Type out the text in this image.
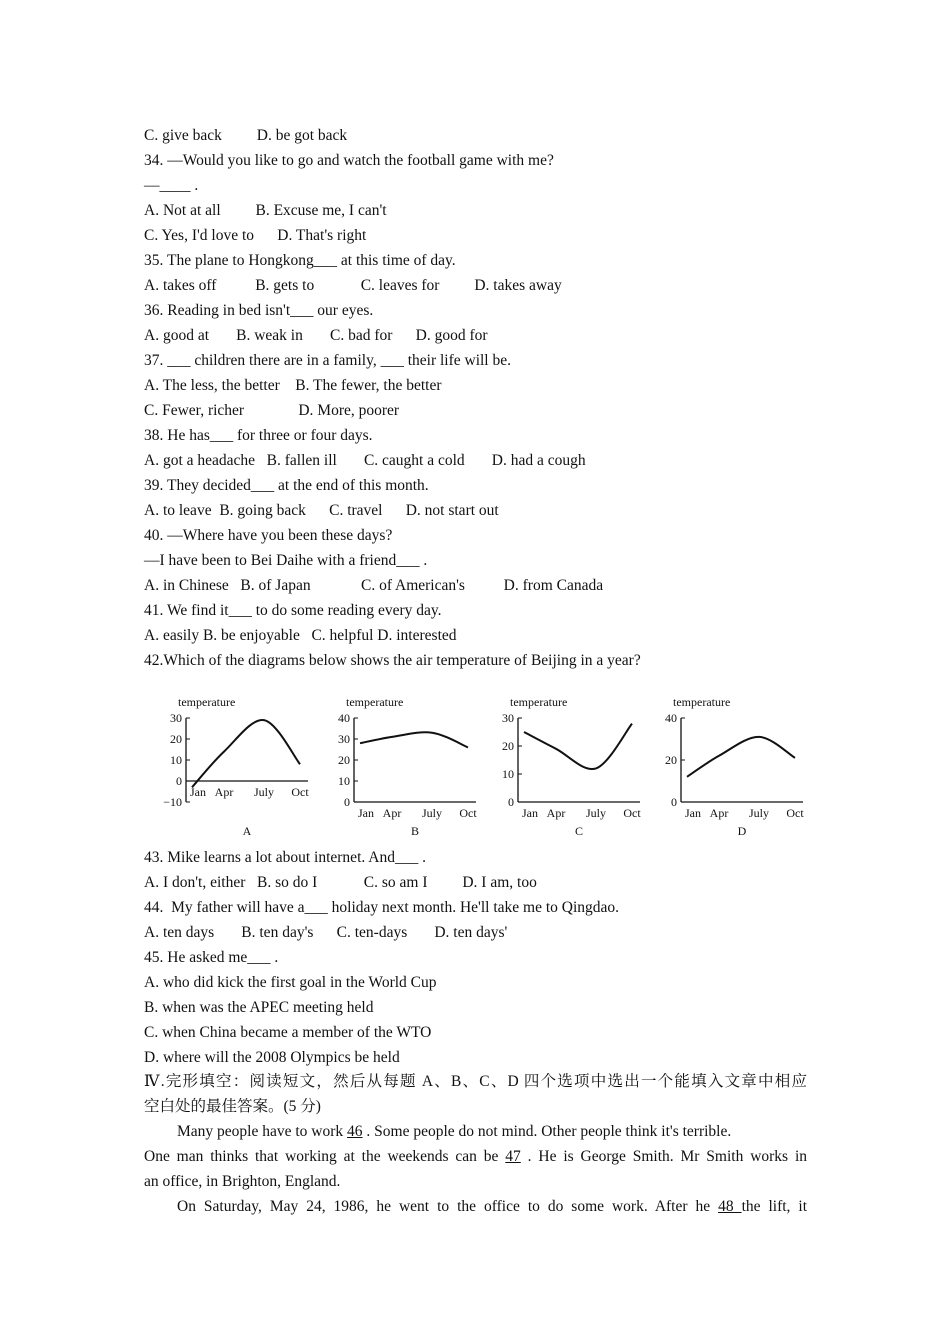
C. give back         D. be got back
34. —Would you like to go and watch the football game with me?
—____ .
A. Not at all         B. Excuse me, I can't
C. Yes, I'd love to      D. That's right
35. The plane to Hongkong___ at this time of day.
A. takes off          B. gets to            C. leaves for         D. takes away
36. Reading in bed isn't___ our eyes.
A. good at       B. weak in       C. bad for      D. good for
37. ___ children there are in a family, ___ their life will be.
A. The less, the better    B. The fewer, the better
C. Fewer, richer              D. More, poorer
38. He has___ for three or four days.
A. got a headache   B. fallen ill       C. caught a cold       D. had a cough
39. They decided___ at the end of this month.
A. to leave  B. going back      C. travel      D. not start out
40. —Where have you been these days?
—I have been to Bei Daihe with a friend___ .
A. in Chinese   B. of Japan             C. of American's          D. from Canada
41. We find it___ to do some reading every day.
A. easily B. be enjoyable   C. helpful D. interested
42.Which of the diagrams below shows the air temperature of Beijing in a year?
temperature
30
20
10
0
−10
Jan Apr July Oct
A
temperature
40
30
20
10
0
Jan Apr July Oct
B
temperature
30
20
10
0
Jan Apr July Oct
C
temperature
40
20
0
Jan Apr July Oct
D
43. Mike learns a lot about internet. And___ .
A. I don't, either   B. so do I            C. so am I         D. I am, too
44.  My father will have a___ holiday next month. He'll take me to Qingdao.
A. ten days       B. ten day's      C. ten-days       D. ten days'
45. He asked me___ .
A. who did kick the first goal in the World Cup
B. when was the APEC meeting held
C. when China became a member of the WTO
D. where will the 2008 Olympics be held
Ⅳ.完形填空：阅读短文，然后从每题 A、B、C、D 四个选项中选出一个能填入文章中相应
空白处的最佳答案。(5 分)
Many people have to work 46 . Some people do not mind. Other people think it's terrible.
One man thinks that working at the weekends can be 47 . He is George Smith. Mr Smith works in
an office, in Brighton, England.
On Saturday, May 24, 1986, he went to the office to do some work. After he 48 the lift, it
